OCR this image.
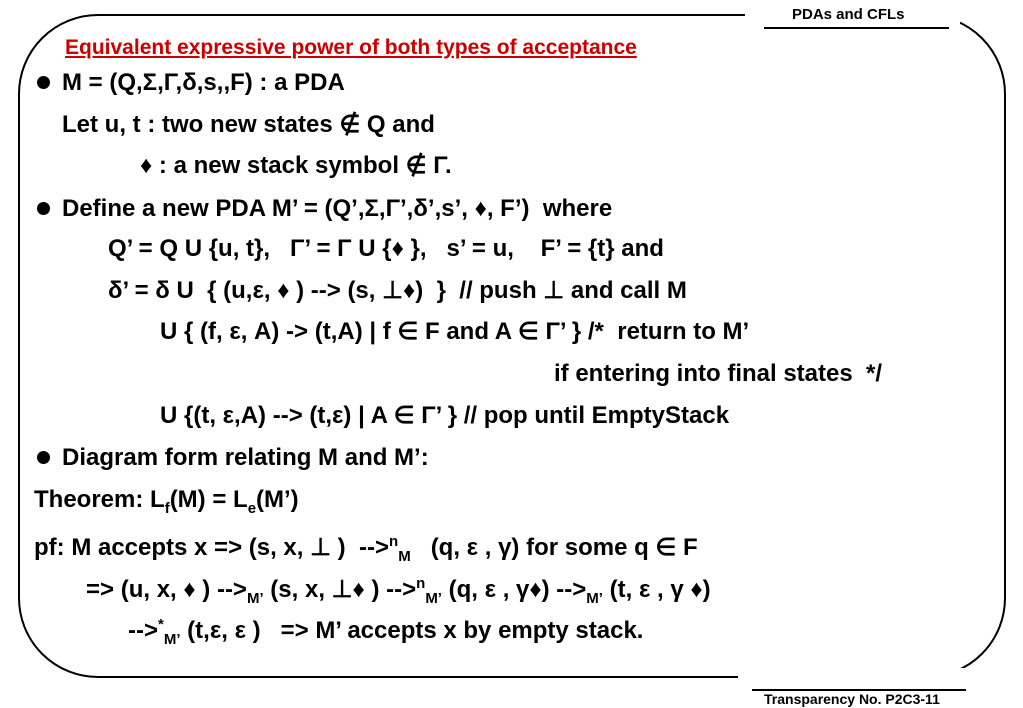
PDAs and CFLs
Equivalent expressive power of both types of acceptance
M = (Q,Σ,Γ,δ,s,,F) : a PDA
Let u, t : two new states ∉ Q and
♦ : a new stack symbol ∉ Γ.
Define a new PDA M’ = (Q’,Σ,Γ’,δ’,s’, ♦, F’)  where
Q’ = Q U {u, t},   Γ’ = Γ U {♦ },   s’ = u,    F’ = {t} and
δ’ = δ U  { (u,ε, ♦ ) --> (s, ⊥♦)  }  // push ⊥ and call M
U { (f, ε, A) -> (t,A) | f ∈ F and A ∈ Γ’ } /*  return to M’
if entering into final states  */
U {(t, ε,A) --> (t,ε) | A ∈ Γ’ } // pop until EmptyStack
Diagram form relating M and M’:
Theorem: $L_f(M)$ = $L_e(M’)$
pf: M accepts x => (s, x, ⊥ )  -->$^n_M$   (q, ε , γ) for some q ∈ F
=> (u, x, ♦ ) $-->_{M’}$ (s, x, ⊥♦ ) -->$^n_{M’}$ (q, ε , γ♦) $-->_{M’}$ (t, ε , γ ♦)
$-->^*_{M’}$ (t,ε, ε )   => M’ accepts x by empty stack.
Transparency No. P2C3-11
